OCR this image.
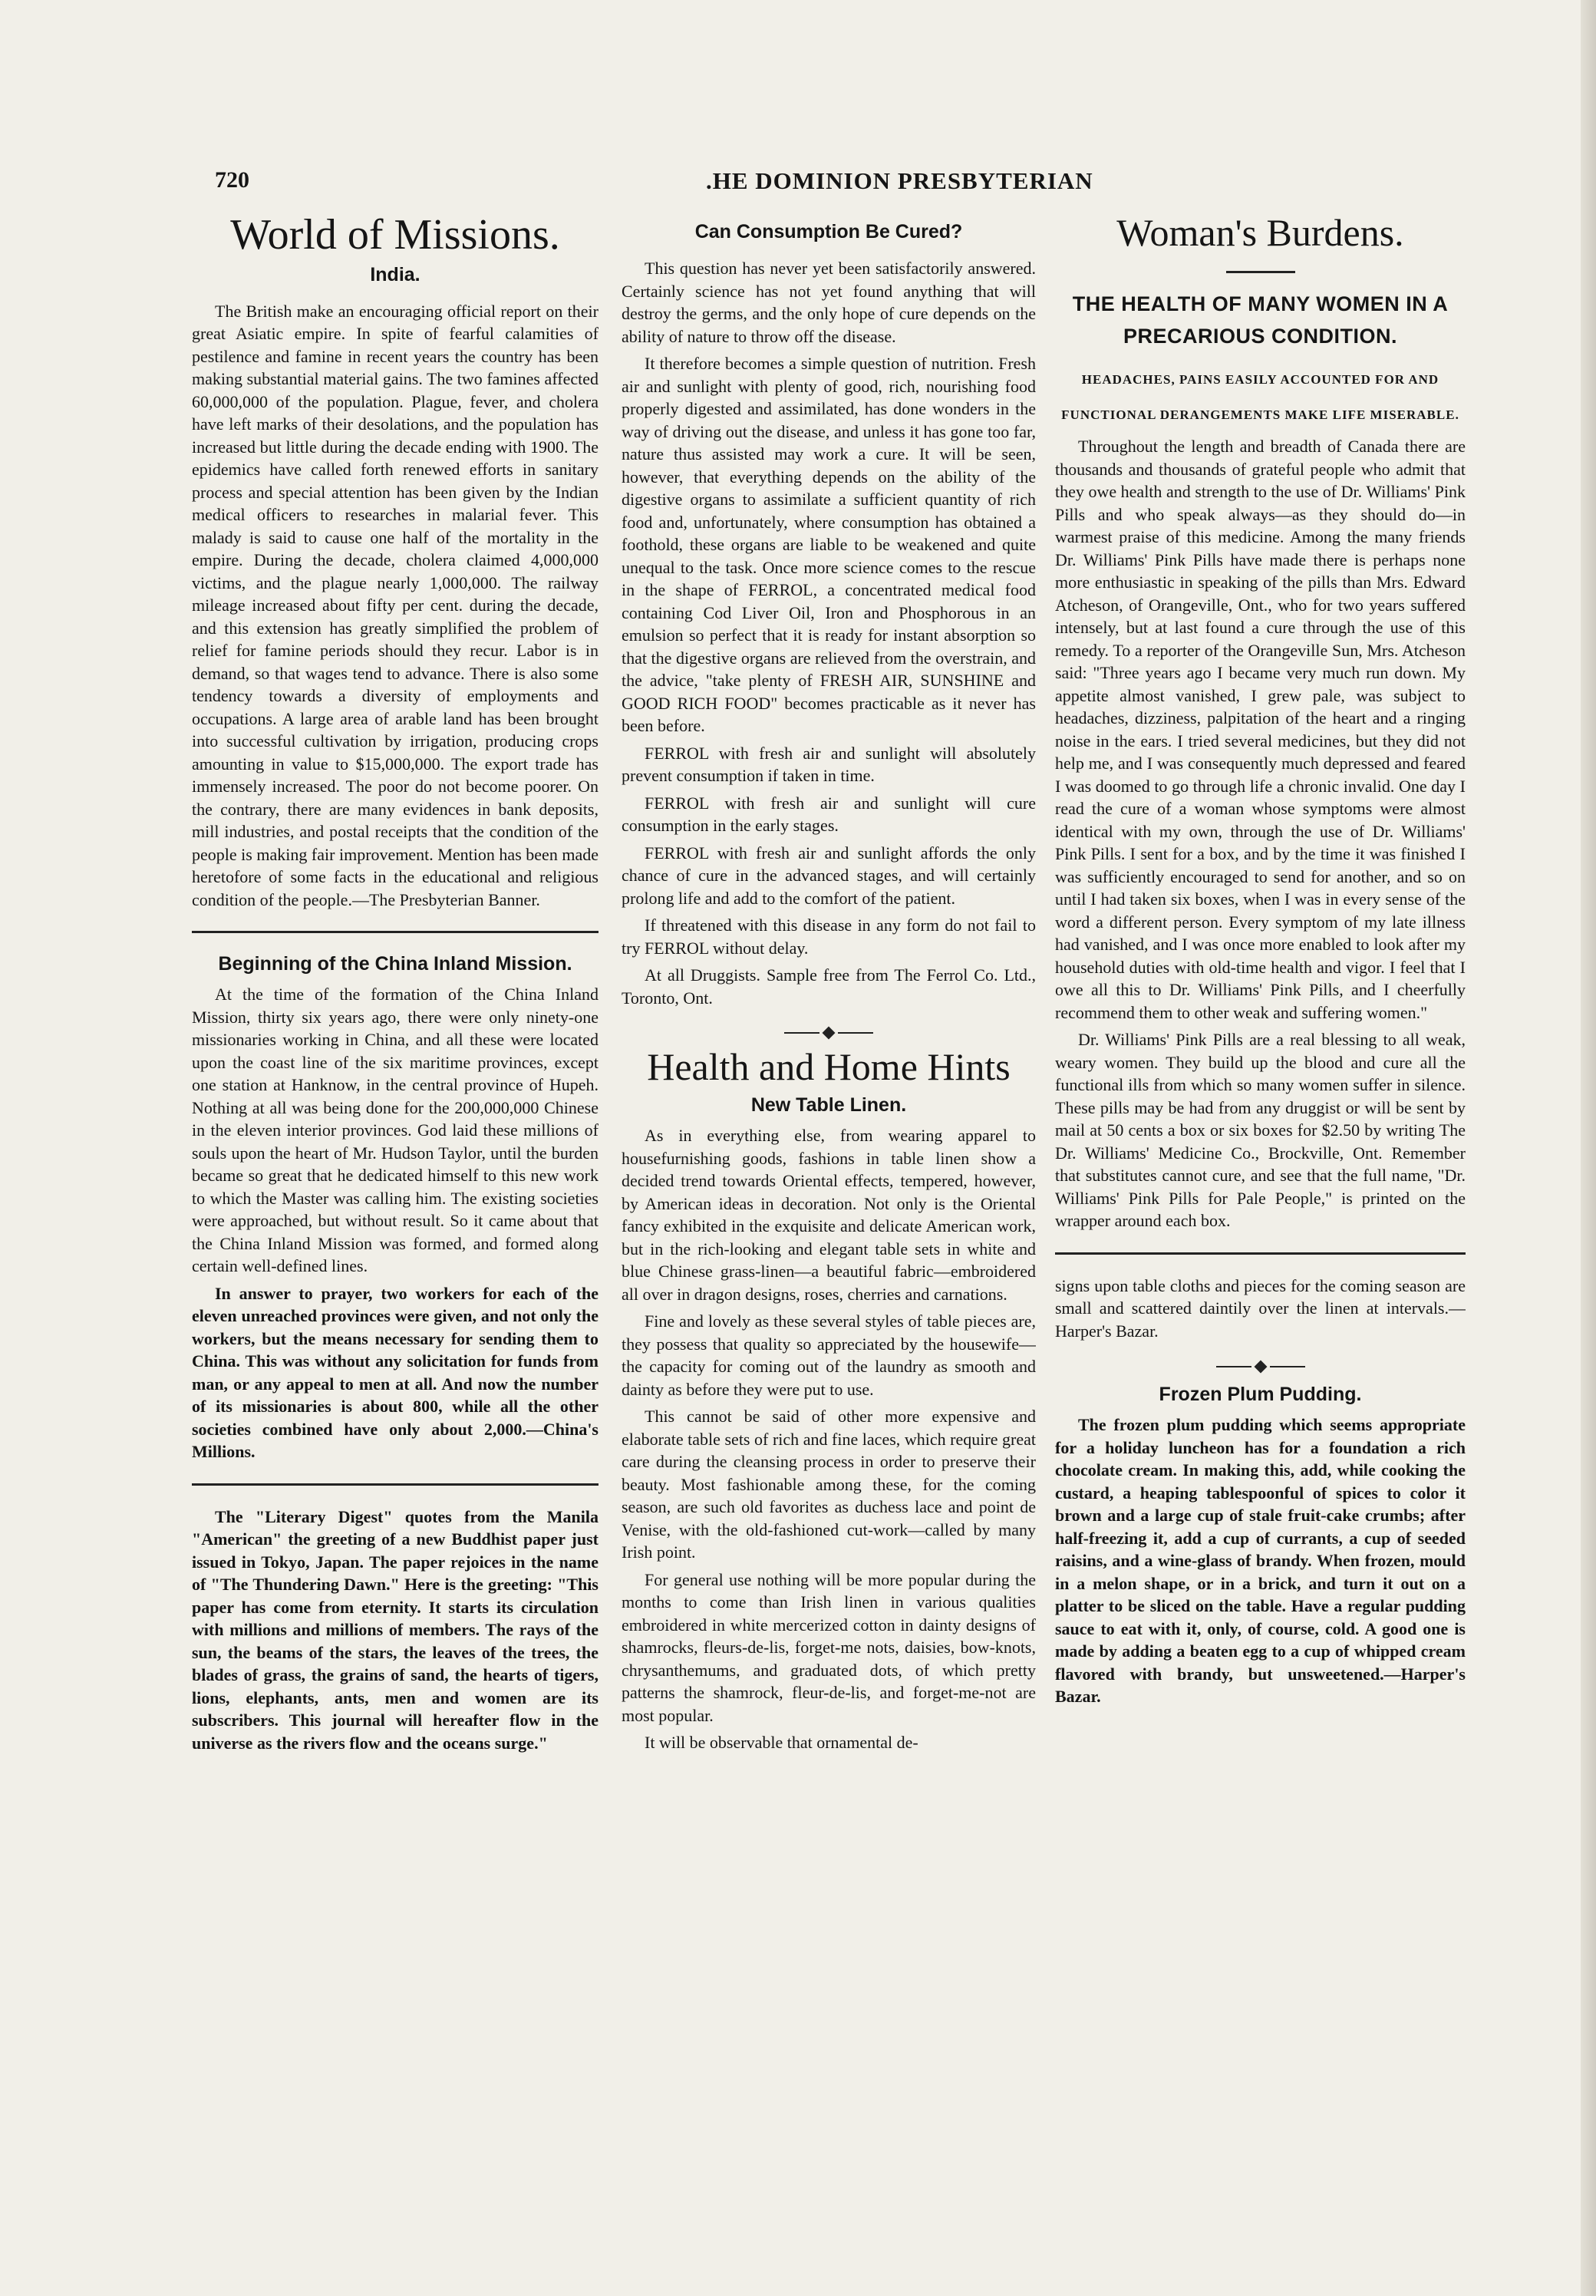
720	.HE DOMINION PRESBYTERIAN
World of Missions.
India.

The British make an encouraging official report on their great Asiatic empire. In spite of fearful calamities of pestilence and famine in recent years the country has been making substantial material gains. The two famines affected 60,000,000 of the population. Plague, fever, and cholera have left marks of their desolations, and the population has increased but little during the decade ending with 1900. The epidemics have called forth renewed efforts in sanitary process and special attention has been given by the Indian medical officers to researches in malarial fever. This malady is said to cause one half of the mortality in the empire. During the decade, cholera claimed 4,000,000 victims, and the plague nearly 1,000,000. The railway mileage increased about fifty per cent. during the decade, and this extension has greatly simplified the problem of relief for famine periods should they recur. Labor is in demand, so that wages tend to advance. There is also some tendency towards a diversity of employments and occupations. A large area of arable land has been brought into successful cultivation by irrigation, producing crops amounting in value to $15,000,000. The export trade has immensely increased. The poor do not become poorer. On the contrary, there are many evidences in bank deposits, mill industries, and postal receipts that the condition of the people is making fair improvement. Mention has been made heretofore of some facts in the educational and religious condition of the people.—The Presbyterian Banner.

Beginning of the China Inland Mission.

At the time of the formation of the China Inland Mission, thirty six years ago, there were only ninety-one missionaries working in China, and all these were located upon the coast line of the six maritime provinces, except one station at Hanknow, in the central province of Hupeh. Nothing at all was being done for the 200,000,000 Chinese in the eleven interior provinces. God laid these millions of souls upon the heart of Mr. Hudson Taylor, until the burden became so great that he dedicated himself to this new work to which the Master was calling him. The existing societies were approached, but without result. So it came about that the China Inland Mission was formed, and formed along certain well-defined lines.

In answer to prayer, two workers for each of the eleven unreached provinces were given, and not only the workers, but the means necessary for sending them to China. This was without any solicitation for funds from man, or any appeal to men at all. And now the number of its missionaries is about 800, while all the other societies combined have only about 2,000.—China's Millions.

The "Literary Digest" quotes from the Manila "American" the greeting of a new Buddhist paper just issued in Tokyo, Japan. The paper rejoices in the name of "The Thundering Dawn." Here is the greeting: "This paper has come from eternity. It starts its circulation with millions and millions of members. The rays of the sun, the beams of the stars, the leaves of the trees, the blades of grass, the grains of sand, the hearts of tigers, lions, elephants, ants, men and women are its subscribers. This journal will hereafter flow in the universe as the rivers flow and the oceans surge."

Can Consumption Be Cured?

This question has never yet been satisfactorily answered. Certainly science has not yet found anything that will destroy the germs, and the only hope of cure depends on the ability of nature to throw off the disease.

It therefore becomes a simple question of nutrition. Fresh air and sunlight with plenty of good, rich, nourishing food properly digested and assimilated, has done wonders in the way of driving out the disease, and unless it has gone too far, nature thus assisted may work a cure. It will be seen, however, that everything depends on the ability of the digestive organs to assimilate a sufficient quantity of rich food and, unfortunately, where consumption has obtained a foothold, these organs are liable to be weakened and quite unequal to the task. Once more science comes to the rescue in the shape of FERROL, a concentrated medical food containing Cod Liver Oil, Iron and Phosphorous in an emulsion so perfect that it is ready for instant absorption so that the digestive organs are relieved from the overstrain, and the advice, "take plenty of FRESH AIR, SUNSHINE and GOOD RICH FOOD" becomes practicable as it never has been before.

FERROL with fresh air and sunlight will absolutely prevent consumption if taken in time.

FERROL with fresh air and sunlight will cure consumption in the early stages.

FERROL with fresh air and sunlight affords the only chance of cure in the advanced stages, and will certainly prolong life and add to the comfort of the patient.

If threatened with this disease in any form do not fail to try FERROL without delay.

At all Druggists. Sample free from The Ferrol Co. Ltd., Toronto, Ont.

Health and Home Hints
New Table Linen.

As in everything else, from wearing apparel to housefurnishing goods, fashions in table linen show a decided trend towards Oriental effects, tempered, however, by American ideas in decoration. Not only is the Oriental fancy exhibited in the exquisite and delicate American work, but in the rich-looking and elegant table sets in white and blue Chinese grass-linen—a beautiful fabric—embroidered all over in dragon designs, roses, cherries and carnations.

Fine and lovely as these several styles of table pieces are, they possess that quality so appreciated by the housewife—the capacity for coming out of the laundry as smooth and dainty as before they were put to use.

This cannot be said of other more expensive and elaborate table sets of rich and fine laces, which require great care during the cleansing process in order to preserve their beauty. Most fashionable among these, for the coming season, are such old favorites as duchess lace and point de Venise, with the old-fashioned cut-work—called by many Irish point.

For general use nothing will be more popular during the months to come than Irish linen in various qualities embroidered in white mercerized cotton in dainty designs of shamrocks, fleurs-de-lis, forget-me nots, daisies, bow-knots, chrysanthemums, and graduated dots, of which pretty patterns the shamrock, fleur-de-lis, and forget-me-not are most popular.

It will be observable that ornamental de-

Woman's Burdens.
THE HEALTH OF MANY WOMEN IN A PRECARIOUS CONDITION.
HEADACHES, PAINS EASILY ACCOUNTED FOR AND FUNCTIONAL DERANGEMENTS MAKE LIFE MISERABLE.

Throughout the length and breadth of Canada there are thousands and thousands of grateful people who admit that they owe health and strength to the use of Dr. Williams' Pink Pills and who speak always—as they should do—in warmest praise of this medicine. Among the many friends Dr. Williams' Pink Pills have made there is perhaps none more enthusiastic in speaking of the pills than Mrs. Edward Atcheson, of Orangeville, Ont., who for two years suffered intensely, but at last found a cure through the use of this remedy. To a reporter of the Orangeville Sun, Mrs. Atcheson said: "Three years ago I became very much run down. My appetite almost vanished, I grew pale, was subject to headaches, dizziness, palpitation of the heart and a ringing noise in the ears. I tried several medicines, but they did not help me, and I was consequently much depressed and feared I was doomed to go through life a chronic invalid. One day I read the cure of a woman whose symptoms were almost identical with my own, through the use of Dr. Williams' Pink Pills. I sent for a box, and by the time it was finished I was sufficiently encouraged to send for another, and so on until I had taken six boxes, when I was in every sense of the word a different person. Every symptom of my late illness had vanished, and I was once more enabled to look after my household duties with old-time health and vigor. I feel that I owe all this to Dr. Williams' Pink Pills, and I cheerfully recommend them to other weak and suffering women."

Dr. Williams' Pink Pills are a real blessing to all weak, weary women. They build up the blood and cure all the functional ills from which so many women suffer in silence. These pills may be had from any druggist or will be sent by mail at 50 cents a box or six boxes for $2.50 by writing The Dr. Williams' Medicine Co., Brockville, Ont. Remember that substitutes cannot cure, and see that the full name, "Dr. Williams' Pink Pills for Pale People," is printed on the wrapper around each box.

signs upon table cloths and pieces for the coming season are small and scattered daintily over the linen at intervals.—Harper's Bazar.

Frozen Plum Pudding.

The frozen plum pudding which seems appropriate for a holiday luncheon has for a foundation a rich chocolate cream. In making this, add, while cooking the custard, a heaping tablespoonful of spices to color it brown and a large cup of stale fruit-cake crumbs; after half-freezing it, add a cup of currants, a cup of seeded raisins, and a wine-glass of brandy. When frozen, mould in a melon shape, or in a brick, and turn it out on a platter to be sliced on the table. Have a regular pudding sauce to eat with it, only, of course, cold. A good one is made by adding a beaten egg to a cup of whipped cream flavored with brandy, but unsweetened.—Harper's Bazar.
